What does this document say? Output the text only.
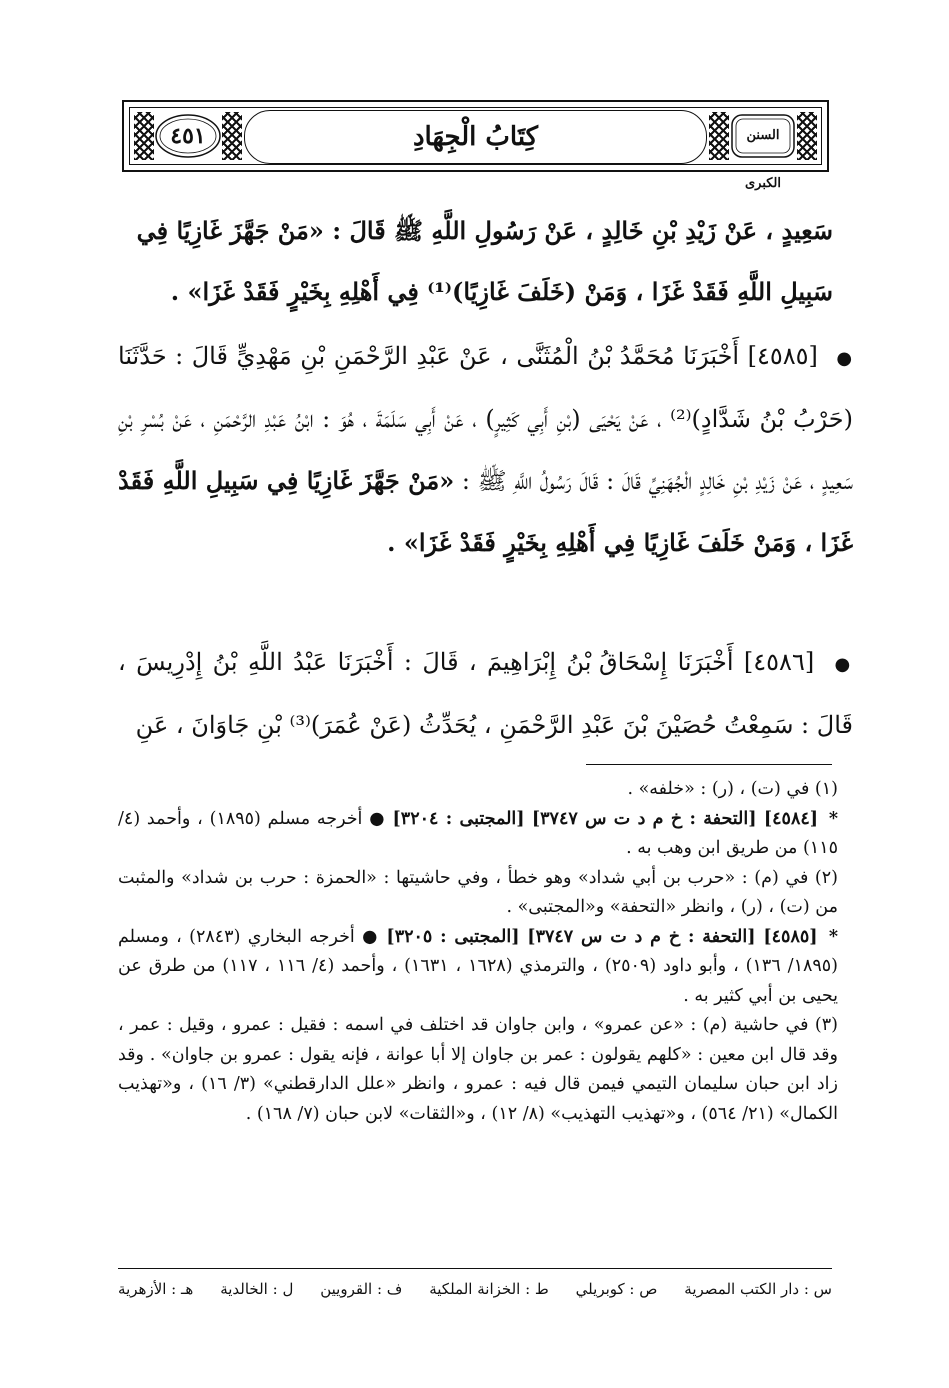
٤٥١	كِتَابُ الْجِهَادِ	السنن الكبرى

سَعِيدٍ ، عَنْ زَيْدِ بْنِ خَالِدٍ ، عَنْ رَسُولِ اللَّهِ ﷺ قَالَ : «مَنْ جَهَّزَ غَازِيًا فِي

سَبِيلِ اللَّهِ فَقَدْ غَزَا ، وَمَنْ (خَلَفَ غَازِيًا)⁽¹⁾ فِي أَهْلِهِ بِخَيْرٍ فَقَدْ غَزَا» .

● [٤٥٨٥] أَخْبَرَنَا مُحَمَّدُ بْنُ الْمُثَنَّى ، عَنْ عَبْدِ الرَّحْمَنِ بْنِ مَهْدِيٍّ قَالَ : حَدَّثَنَا (حَرْبُ بْنُ شَدَّادٍ)⁽²⁾ ، عَنْ يَحْيَى (بْنِ أَبِي كَثِيرٍ) ، عَنْ أَبِي سَلَمَةَ ، هُوَ : ابْنُ عَبْدِ الرَّحْمَنِ ، عَنْ بُسْرِ بْنِ سَعِيدٍ ، عَنْ زَيْدِ بْنِ خَالِدٍ الْجُهَنِيِّ قَالَ : قَالَ رَسُولُ اللَّهِ ﷺ : «مَنْ جَهَّزَ غَازِيًا فِي سَبِيلِ اللَّهِ فَقَدْ غَزَا ، وَمَنْ خَلَفَ غَازِيًا فِي أَهْلِهِ بِخَيْرٍ فَقَدْ غَزَا» .
● [٤٥٨٦] أَخْبَرَنَا إِسْحَاقُ بْنُ إِبْرَاهِيمَ ، قَالَ : أَخْبَرَنَا عَبْدُ اللَّهِ بْنُ إِدْرِيسَ ، قَالَ : سَمِعْتُ حُصَيْنَ بْنَ عَبْدِ الرَّحْمَنِ ، يُحَدِّثُ (عَنْ عُمَرَ)⁽³⁾ بْنِ جَاوَانَ ، عَنِ

(١) في (ت) ، (ر) : «خلفه» .

* [٤٥٨٤] [التحفة : خ م د ت س ٣٧٤٧] [المجتبى : ٣٢٠٤] ● أخرجه مسلم (١٨٩٥) ، وأحمد (٤/ ١١٥) من طريق ابن وهب به .

(٢) في (م) : «حرب بن أبي شداد» وهو خطأ ، وفي حاشيتها : «الحمزة : حرب بن شداد» والمثبت من (ت) ، (ر) ، وانظر «التحفة» و«المجتبى» .

* [٤٥٨٥] [التحفة : خ م د ت س ٣٧٤٧] [المجتبى : ٣٢٠٥] ● أخرجه البخاري (٢٨٤٣) ، ومسلم (١٨٩٥/ ١٣٦) ، وأبو داود (٢٥٠٩) ، والترمذي (١٦٢٨ ، ١٦٣١) ، وأحمد (٤/ ١١٦ ، ١١٧) من طرق عن يحيى بن أبي كثير به .

(٣) في حاشية (م) : «عن عمرو» ، وابن جاوان قد اختلف في اسمه : فقيل : عمرو ، وقيل : عمر ، وقد قال ابن معين : «كلهم يقولون : عمر بن جاوان إلا أبا عوانة ، فإنه يقول : عمرو بن جاوان» . وقد زاد ابن حبان سليمان التيمي فيمن قال فيه : عمرو ، وانظر «علل الدارقطني» (٣/ ١٦) ، و«تهذيب الكمال» (٢١/ ٥٦٤) ، و«تهذيب التهذيب» (٨/ ١٢) ، و«الثقات» لابن حبان (٧/ ١٦٨) .

س : دار الكتب المصرية
ص : كوبريلي
ط : الخزانة الملكية
ف : القرويين
ل : الخالدية
هـ : الأزهرية
